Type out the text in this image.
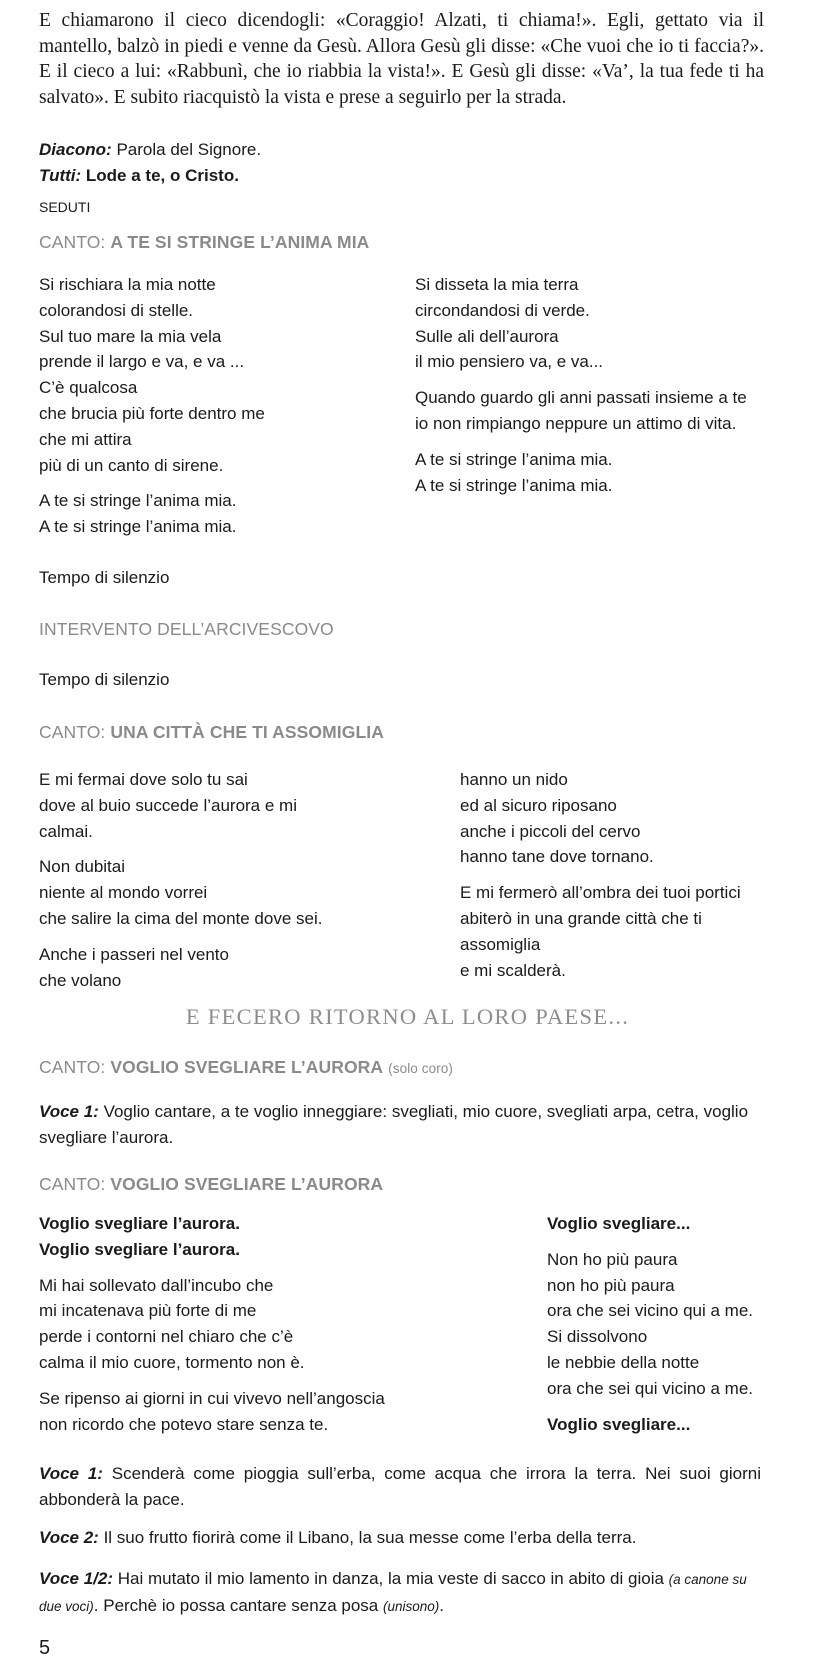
E chiamarono il cieco dicendogli: «Coraggio! Alzati, ti chiama!». Egli, gettato via il mantello, balzò in piedi e venne da Gesù. Allora Gesù gli disse: «Che vuoi che io ti faccia?». E il cieco a lui: «Rabbunì, che io riabbia la vista!». E Gesù gli disse: «Va’, la tua fede ti ha salvato». E subito riacquistò la vista e prese a seguirlo per la strada.
Diacono: Parola del Signore.
Tutti: Lode a te, o Cristo.
SEDUTI
CANTO: A TE SI STRINGE L’ANIMA MIA

Si rischiara la mia notte
colorandosi di stelle.
Sul tuo mare la mia vela
prende il largo e va, e va ...
C’è qualcosa
che brucia più forte dentro me
che mi attira
più di un canto di sirene.

A te si stringe l’anima mia.
A te si stringe l’anima mia.

Si disseta la mia terra
circondandosi di verde.
Sulle ali dell’aurora
il mio pensiero va, e va...

Quando guardo gli anni passati insieme a te
io non rimpiango neppure un attimo di vita.

A te si stringe l’anima mia.
A te si stringe l’anima mia.

Tempo di silenzio
INTERVENTO DELL’ARCIVESCOVO
Tempo di silenzio
CANTO: UNA CITTÀ CHE TI ASSOMIGLIA

E mi fermai dove solo tu sai
dove al buio succede l’aurora e mi
calmai.

Non dubitai
niente al mondo vorrei
che salire la cima del monte dove sei.

Anche i passeri nel vento
che volano

hanno un nido
ed al sicuro riposano
anche i piccoli del cervo
hanno tane dove tornano.

E mi fermerò all’ombra dei tuoi portici
abiterò in una grande città che ti
assomiglia
e mi scalderà.

E FECERO RITORNO AL LORO PAESE...
CANTO: VOGLIO SVEGLIARE L’AURORA (solo coro)
Voce 1: Voglio cantare, a te voglio inneggiare: svegliati, mio cuore, svegliati arpa, cetra, voglio svegliare l’aurora.
CANTO: VOGLIO SVEGLIARE L’AURORA

Voglio svegliare l’aurora.
Voglio svegliare l’aurora.

Mi hai sollevato dall’incubo che
mi incatenava più forte di me
perde i contorni nel chiaro che c’è
calma il mio cuore, tormento non è.

Se ripenso ai giorni in cui vivevo nell’angoscia
non ricordo che potevo stare senza te.

Voglio svegliare...

Non ho più paura
non ho più paura
ora che sei vicino qui a me.
Si dissolvono
le nebbie della notte
ora che sei qui vicino a me.

Voglio svegliare...

Voce 1: Scenderà come pioggia sull’erba, come acqua che irrora la terra. Nei suoi giorni abbonderà la pace.
Voce 2: Il suo frutto fiorirà come il Libano, la sua messe come l’erba della terra.
Voce 1/2: Hai mutato il mio lamento in danza, la mia veste di sacco in abito di gioia (a canone su due voci). Perchè io possa cantare senza posa (unisono).
5
